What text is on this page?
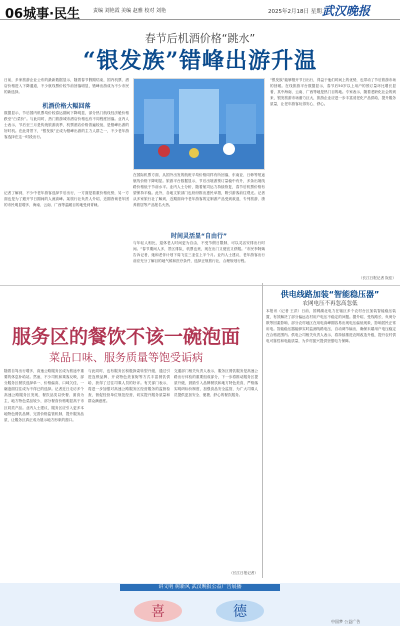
06城事·民生	责编 刘艳霞 美编 赵雅 校对 刘艳	2025年2月18日 星期二
武汉晚报
春节后机酒价格“跳水”
“银发族”错峰出游升温
日前，多家旅游企业公布的最新数据显示，随着春节假期结束，国内机票、酒店价格进入下降通道，不少航线票价较节前回落明显，错峰出游成为不少市民的新选择。
机酒价格大幅回落
数据显示，节后国内机票均价较春运期间下降明显，部分热门航线经济舱价格跌至“白菜价”。与此同时，热门旅游城市酒店价格也有不同程度回落。业内人士表示，节后至三月是传统旅游淡季，机票酒店价格普遍较低，是错峰出游的好时机。在此背景下，“银发族”正成为错峰出游的主力人群之一，不少老年游客选择在这一时段出行。
记者了解到，不少中老年游客选择节后出行，一方面是看重价格优势，另一方面也是为了避开节日期间的人流高峰。某旅行社负责人介绍，近期咨询老年团的市民明显增多，海南、云南、广西等温暖目的地受到青睐。
在国际机票方面，从国外出发的航班平均价格同样有所回落，东南亚、日韩等短途航线价格下降明显。旅游平台数据显示，节后出境游预订量稳中有升，多条出境线路价格低于节前水平。业内人士分析，随着航司运力持续恢复，春节后机票价格有望保持平稳。此外，各地文旅部门也纷纷推出惠民举措，吸引游客前往观光。记者从多家旅行社了解到，近期面向中老年游客的定制游产品受到欢迎，专列旅游、康养旅居等产品报名火热。
时间灵活显“自由行”
与年轻人相比，退休老人时间更为自由，不受节假日限制，可以灵活安排出行时间。“春节期间人多，景区排队，机票也贵，现在出门又便宜又舒服。”市民李阿姨告诉记者，她和老伴计划下周飞往三亚住上半个月。业内人士建议，老年游客出行前应充分了解目的地气候和医疗条件，选择正规旅行社，合理规划行程。
“银发族”能够错开节日出行，得益于他们时间上的优势，也带动了节后旅游市场的回暖。在线旅游平台数据显示，春节后50岁以上用户的预订量环比增长显著，其中海南、云南、广西等地是热门目的地。专家表示，随着老龄化社会的到来，银发旅游市场潜力巨大，旅游企业应进一步丰富适老化产品供给，提升服务质量，让老年游客玩得安心、舒心。
（长江日报记者 阮佳）
服务区的餐饮不该一碗泡面
菜品口味、服务质量等饱受诟病
随着自驾出行增多，高速公路服务区成为旅途中重要的休息补给站。然而，不少司机和乘客反映，部分服务区餐饮选择单一、价格偏高、口味欠佳，一碗泡面往往成为不得已的选择。记者近日走访多个高速公路服务区发现，餐饮品类以快餐、面食为主，地方特色菜品较少，部分餐食价格明显高于市区同类产品。业内人士建议，服务区应引入更多本地特色餐饮品牌，完善价格监管机制，提升服务品质，让服务区真正成为展示地方形象的窗口。
与此同时，也有服务区积极探索转型升级，通过引进连锁品牌、开设特色美食街等方式丰富餐饮供给，获得了过往司乘人员的好评。有关部门表示，将进一步加强对高速公路服务区经营服务的监督检查，督促经营单位规范经营，切实提升服务质量和群众满意度。
交通部门相关负责人表示，服务区餐饮服务是高速公路出行体验的重要组成部分，下一步将推动服务区提质升级，鼓励引入品牌餐饮和地方特色美食，严格落实明码标价制度，加强食品安全监管，为广大司乘人员提供更加安全、便捷、舒心的餐饮服务。
（长江日报记者）
供电线路加装“智能稳压器”
农网电压不再忽高忽低
本报讯（记者 王洪）日前，国网湖北电力在辖区多个农村台区加装智能稳压装置，有效解决了部分偏远农村用户电压不稳定的问题。据介绍，受线路长、负荷分散等因素影响，部分农村地区在用电高峰期容易出现电压偏低现象，影响居民正常用电。智能稳压器能够实时监测线路电压，自动调节输出，确保末端用户电压稳定在合格范围内。供电公司相关负责人表示，将持续推进农网改造升级，提升农村供电可靠性和电能质量，为乡村振兴提供坚强电力保障。
讲文明 树新风 武汉晚报公益广告展播
喜	德
中国梦 公益广告
